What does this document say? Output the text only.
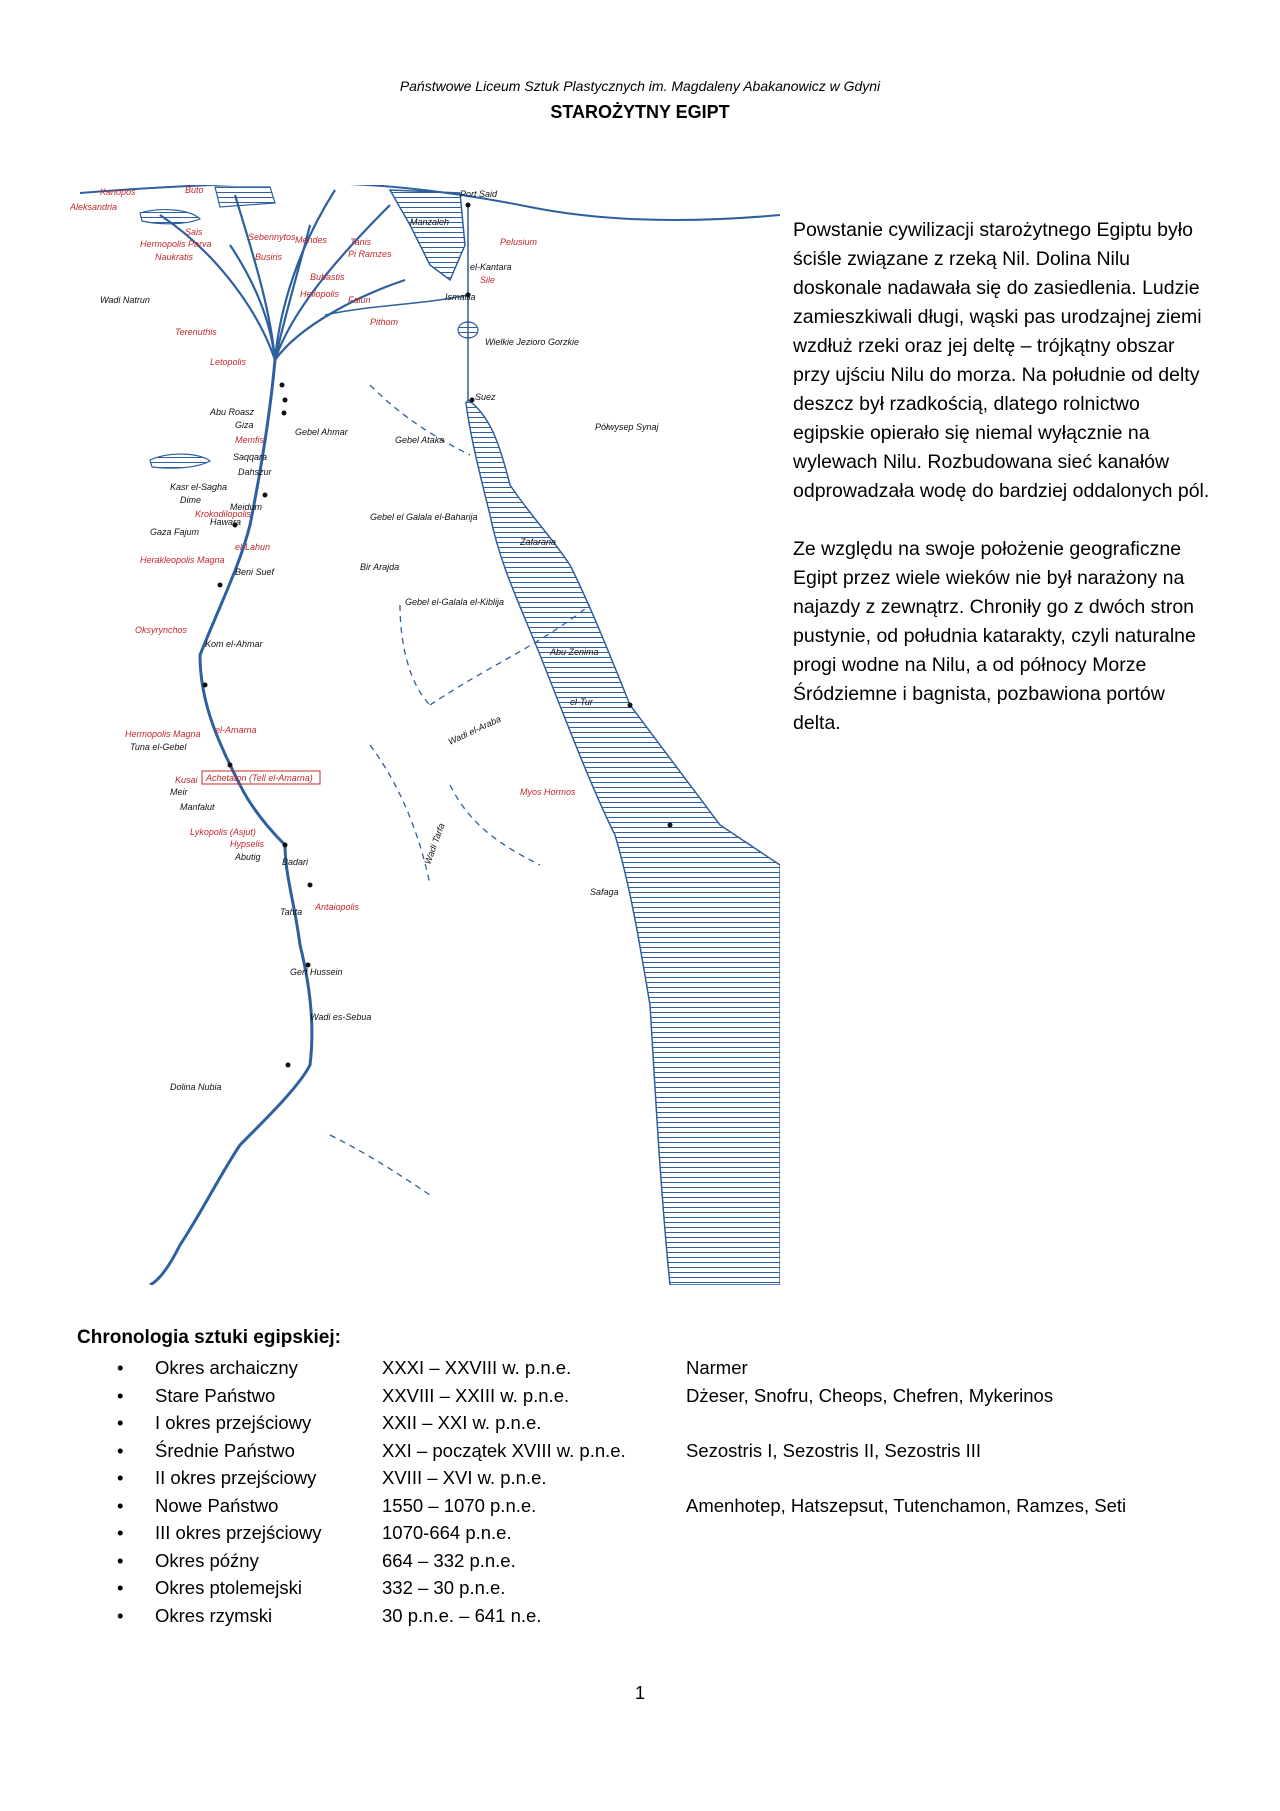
Państwowe Liceum Sztuk Plastycznych im. Magdaleny Abakanowicz w Gdyni
STAROŻYTNY EGIPT
Wadi Natrun
Gebel Ahmar
Abu Roasz
Giza
Saqqara
Dahszur
Kasr el-Sagha
Dime
Gaza Fajum
Hawara
Meidum
Beni Suef
Kom el-Ahmar
Tuna el-Gebel
Meir
Manfalut
Abutig Badari
Tahta
Port Said
Manzaleh
el-Kantara
Ismailia
Wielkie Jezioro Gorzkie
Suez
Gebel Ataka
Półwysep Synaj
Gebel el Galala el-Baharija
Gebel el-Galala el-Kiblija
Zafarana
Abu Zenima
el-Tur
Bir Arajda
Safaga
Wadi el-Araba
Wadi Tarfa
Dolina Nubia
Gerf Hussein
Wadi es-Sebua
Kanopos
Aleksandria
Sais
Buto
Naukratis
Hermopolis Parva
Sebennytos
Busiris
Mendes	Tanis
Pi Ramzes
Bubastis
Heliopolis
Memfis
Herakleopolis Magna
Oksyrynchos
Hermopolis Magna el-Amarna
Kusai
Lykopolis (Asjut)
Hypselis
Antaiopolis
Myos Hormos
Pelusium
Sile
Faiun
Pithom
Terenuthis
Letopolis
el-Lahun
Krokodilopolis
Achetaton (Tell el-Amarna)

Powstanie cywilizacji starożytnego Egiptu było ściśle związane z rzeką Nil. Dolina Nilu doskonale nadawała się do zasiedlenia. Ludzie zamieszkiwali długi, wąski pas urodzajnej ziemi wzdłuż rzeki oraz jej deltę – trójkątny obszar przy ujściu Nilu do morza. Na południe od delty deszcz był rzadkością, dlatego rolnictwo egipskie opierało się niemal wyłącznie na wylewach Nilu. Rozbudowana sieć kanałów odprowadzała wodę do bardziej oddalonych pól.

Ze względu na swoje położenie geograficzne Egipt przez wiele wieków nie był narażony na najazdy z zewnątrz. Chroniły go z dwóch stron pustynie, od południa katarakty, czyli naturalne progi wodne na Nilu, a od północy Morze Śródziemne i bagnista, pozbawiona portów delta.

Chronologia sztuki egipskiej:
• Okres archaiczny	XXXI – XXVIII w. p.n.e.	Narmer
• Stare Państwo	XXVIII – XXIII w. p.n.e.	Dżeser, Snofru, Cheops, Chefren, Mykerinos
• I okres przejściowy	XXII – XXI w. p.n.e.
• Średnie Państwo	XXI – początek XVIII w. p.n.e.	Sezostris I, Sezostris II, Sezostris III
• II okres przejściowy	XVIII – XVI w. p.n.e.
• Nowe Państwo	1550 – 1070 p.n.e.	Amenhotep, Hatszepsut, Tutenchamon, Ramzes, Seti
• III okres przejściowy	1070-664 p.n.e.
• Okres późny	664 – 332 p.n.e.
• Okres ptolemejski	332 – 30 p.n.e.
• Okres rzymski	30 p.n.e. – 641 n.e.
1
